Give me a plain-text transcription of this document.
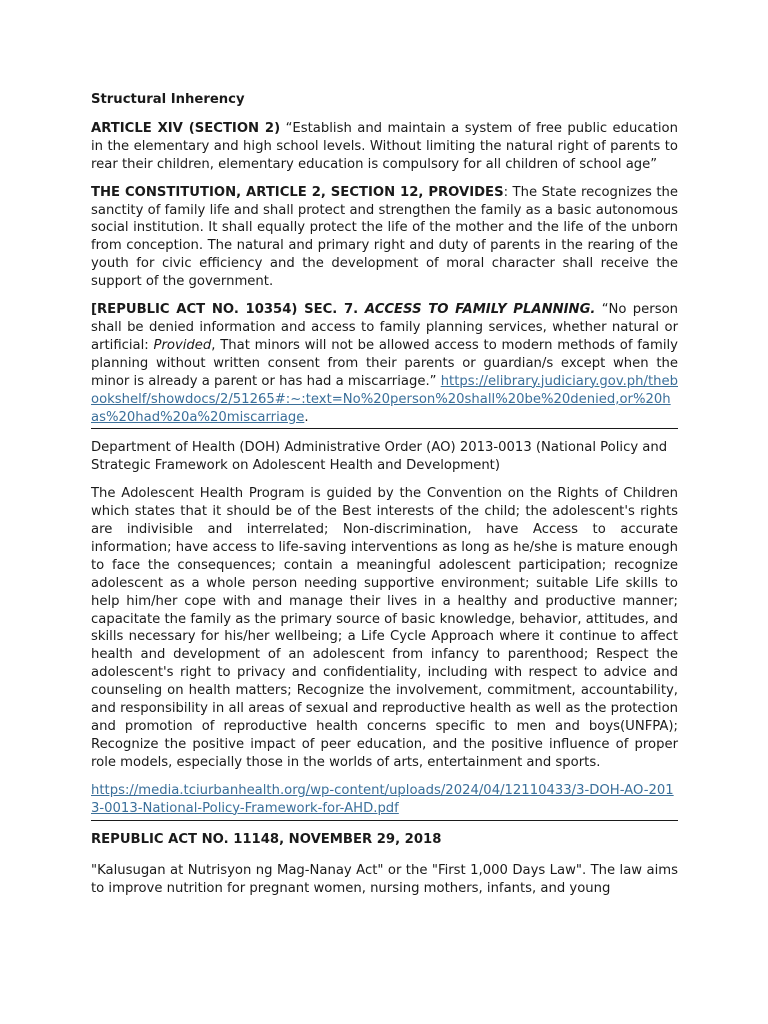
Structural Inherency

ARTICLE XIV (SECTION 2) “Establish and maintain a system of free public education in the elementary and high school levels. Without limiting the natural right of parents to rear their children, elementary education is compulsory for all children of school age”

THE CONSTITUTION, ARTICLE 2, SECTION 12, PROVIDES: The State recognizes the sanctity of family life and shall protect and strengthen the family as a basic autonomous social institution. It shall equally protect the life of the mother and the life of the unborn from conception. The natural and primary right and duty of parents in the rearing of the youth for civic efficiency and the development of moral character shall receive the support of the government.

[REPUBLIC ACT NO. 10354) SEC. 7. ACCESS TO FAMILY PLANNING. “No person shall be denied information and access to family planning services, whether natural or artificial: Provided, That minors will not be allowed access to modern methods of family planning without written consent from their parents or guardian/s except when the minor is already a parent or has had a miscarriage.” https://elibrary.judiciary.gov.ph/thebookshelf/showdocs/2/51265#:~:text=No%20person%20shall%20be%20denied,or%20has%20had%20a%20miscarriage.

Department of Health (DOH) Administrative Order (AO) 2013-0013 (National Policy and Strategic Framework on Adolescent Health and Development)

The Adolescent Health Program is guided by the Convention on the Rights of Children which states that it should be of the Best interests of the child; the adolescent's rights are indivisible and interrelated; Non-discrimination, have Access to accurate information; have access to life-saving interventions as long as he/she is mature enough to face the consequences; contain a meaningful adolescent participation; recognize adolescent as a whole person needing supportive environment; suitable Life skills to help him/her cope with and manage their lives in a healthy and productive manner; capacitate the family as the primary source of basic knowledge, behavior, attitudes, and skills necessary for his/her wellbeing; a Life Cycle Approach where it continue to affect health and development of an adolescent from infancy to parenthood; Respect the adolescent's right to privacy and confidentiality, including with respect to advice and counseling on health matters; Recognize the involvement, commitment, accountability, and responsibility in all areas of sexual and reproductive health as well as the protection and promotion of reproductive health concerns specific to men and boys(UNFPA); Recognize the positive impact of peer education, and the positive influence of proper role models, especially those in the worlds of arts, entertainment and sports.

https://media.tciurbanhealth.org/wp-content/uploads/2024/04/12110433/3-DOH-AO-2013-0013-National-Policy-Framework-for-AHD.pdf

REPUBLIC ACT NO. 11148, NOVEMBER 29, 2018

"Kalusugan at Nutrisyon ng Mag-Nanay Act" or the "First 1,000 Days Law". The law aims to improve nutrition for pregnant women, nursing mothers, infants, and young
